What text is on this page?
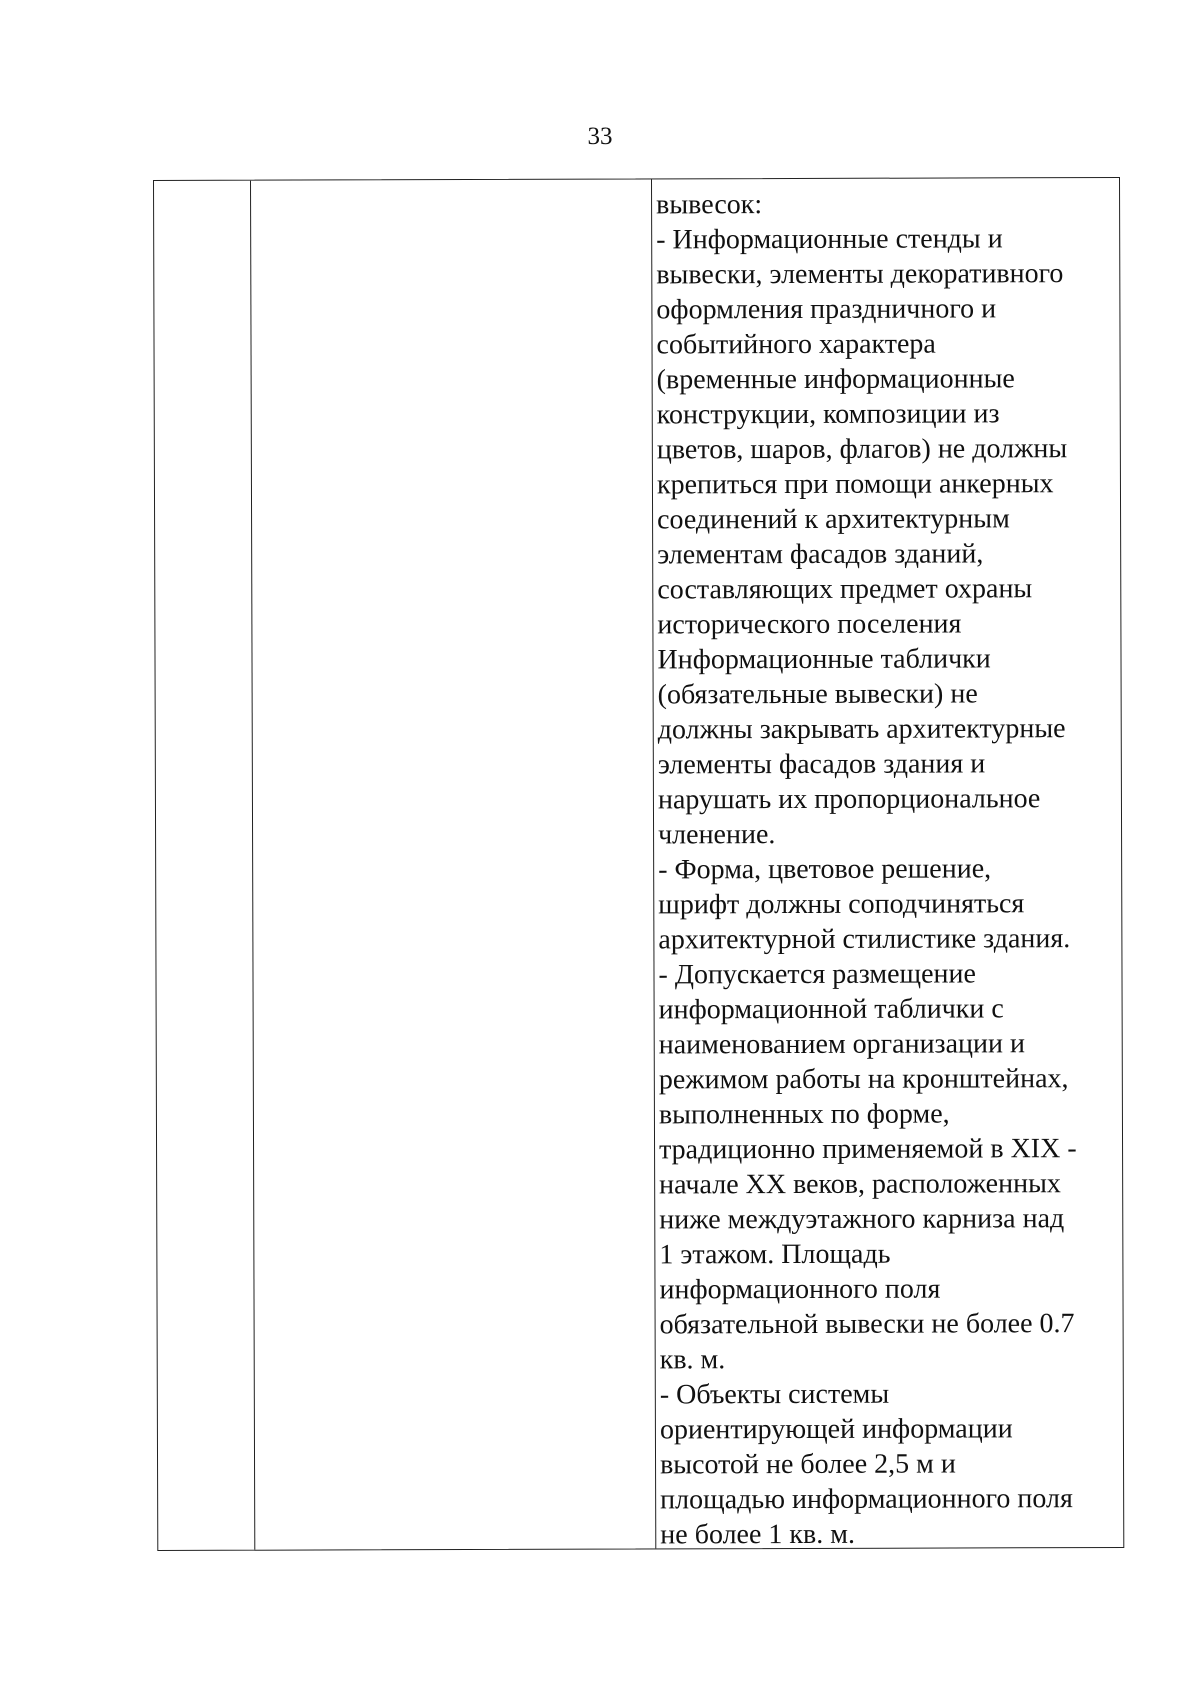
33
вывесок:
- Информационные стенды и
вывески, элементы декоративного
оформления праздничного и
событийного характера
(временные информационные
конструкции, композиции из
цветов, шаров, флагов) не должны
крепиться при помощи анкерных
соединений к архитектурным
элементам фасадов зданий,
составляющих предмет охраны
исторического поселения
Информационные таблички
(обязательные вывески) не
должны закрывать архитектурные
элементы фасадов здания и
нарушать их пропорциональное
членение.
- Форма, цветовое решение,
шрифт должны соподчиняться
архитектурной стилистике здания.
- Допускается размещение
информационной таблички с
наименованием организации и
режимом работы на кронштейнах,
выполненных по форме,
традиционно применяемой в XIX -
начале XX веков, расположенных
ниже междуэтажного карниза над
1 этажом. Площадь
информационного поля
обязательной вывески не более 0.7
кв. м.
- Объекты системы
ориентирующей информации
высотой не более 2,5 м и
площадью информационного поля
не более 1 кв. м.
